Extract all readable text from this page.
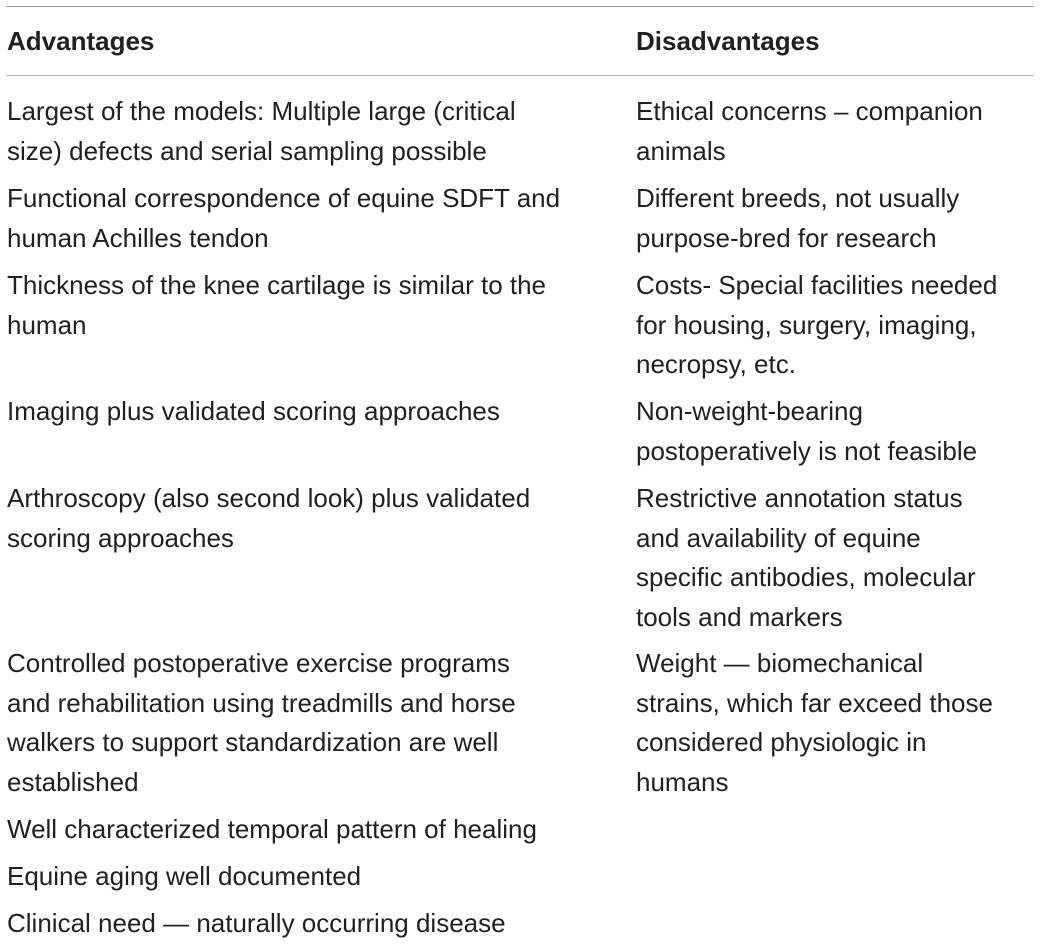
Advantages	Disadvantages
Largest of the models: Multiple large (critical
size) defects and serial sampling possible
Ethical concerns – companion
animals
Functional correspondence of equine SDFT and
human Achilles tendon
Different breeds, not usually
purpose-bred for research
Thickness of the knee cartilage is similar to the
human
Costs- Special facilities needed
for housing, surgery, imaging,
necropsy, etc.
Imaging plus validated scoring approaches	Non-weight-bearing
postoperatively is not feasible
Arthroscopy (also second look) plus validated
scoring approaches
Restrictive annotation status
and availability of equine
specific antibodies, molecular
tools and markers
Controlled postoperative exercise programs
and rehabilitation using treadmills and horse
walkers to support standardization are well
established
Weight — biomechanical
strains, which far exceed those
considered physiologic in
humans
Well characterized temporal pattern of healing
Equine aging well documented
Clinical need — naturally occurring disease
